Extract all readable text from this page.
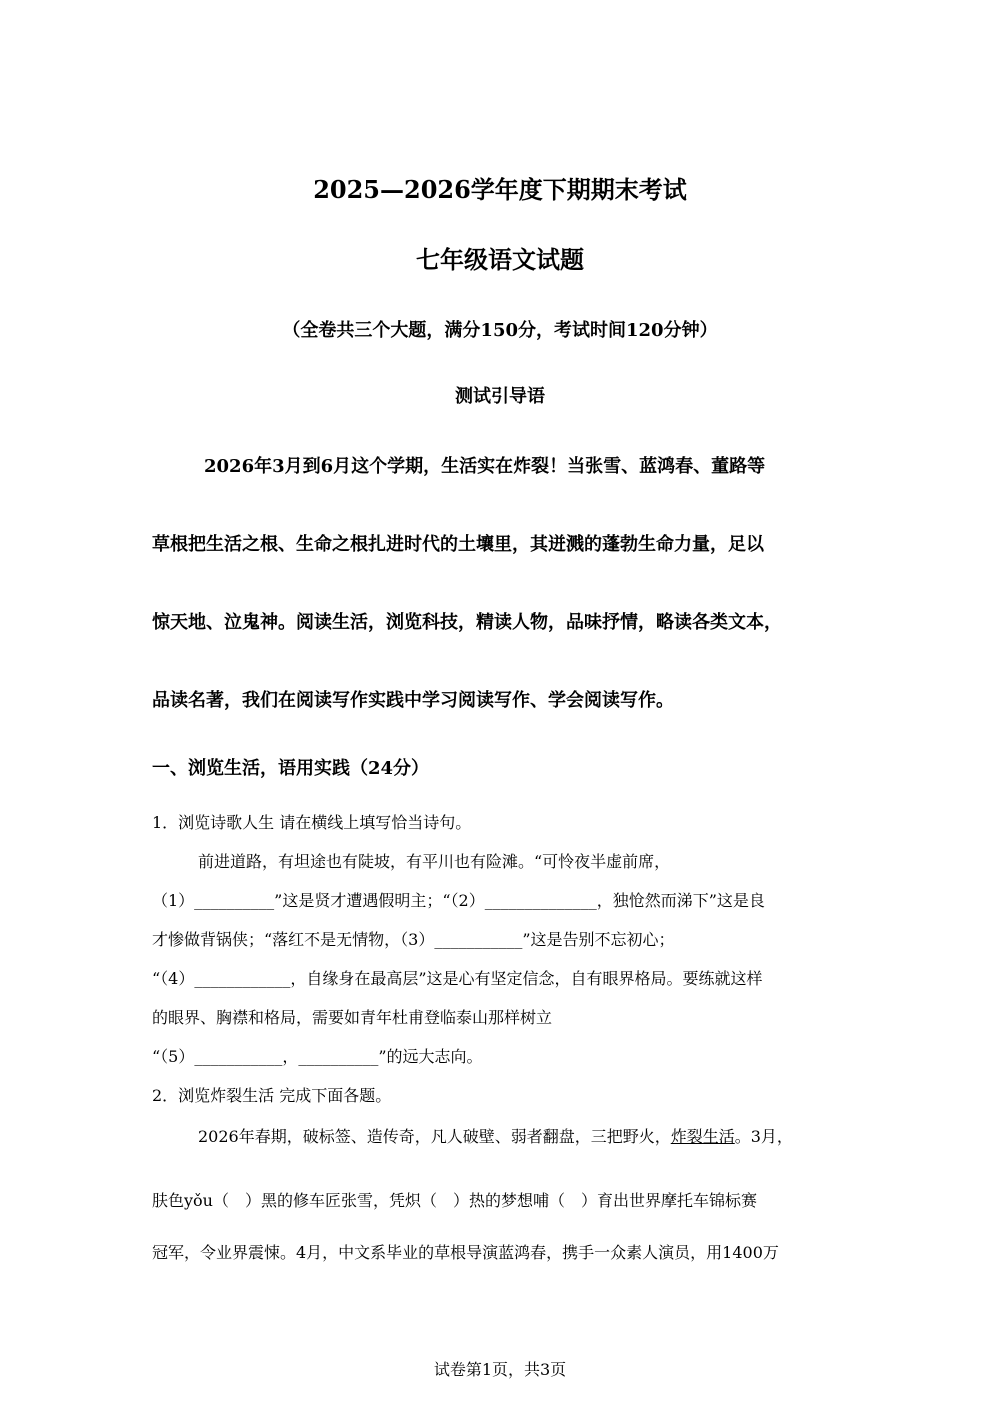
2025—2026学年度下期期末考试
七年级语文试题
（全卷共三个大题，满分150分，考试时间120分钟）
测试引导语
2026年3月到6月这个学期，生活实在炸裂！当张雪、蓝鸿春、董路等
草根把生活之根、生命之根扎进时代的土壤里，其迸溅的蓬勃生命力量，足以
惊天地、泣鬼神。阅读生活，浏览科技，精读人物，品味抒情，略读各类文本，
品读名著，我们在阅读写作实践中学习阅读写作、学会阅读写作。
一、浏览生活，语用实践（24分）
1．浏览诗歌人生 请在横线上填写恰当诗句。
前进道路，有坦途也有陡坡，有平川也有险滩。“可怜夜半虚前席，
（1）__________”这是贤才遭遇假明主；“（2）______________，独怆然而涕下”这是良
才惨做背锅侠；“落红不是无情物，（3）___________”这是告别不忘初心；
“（4）____________，自缘身在最高层”这是心有坚定信念，自有眼界格局。要练就这样
的眼界、胸襟和格局，需要如青年杜甫登临泰山那样树立
“（5）___________，__________”的远大志向。
2．浏览炸裂生活 完成下面各题。
2026年春期，破标签、造传奇，凡人破壁、弱者翻盘，三把野火，炸裂生活。3月，
肤色yǒu（　）黑的修车匠张雪，凭炽（　）热的梦想哺（　）育出世界摩托车锦标赛
冠军，令业界震悚。4月，中文系毕业的草根导演蓝鸿春，携手一众素人演员，用1400万
试卷第1页，共3页
